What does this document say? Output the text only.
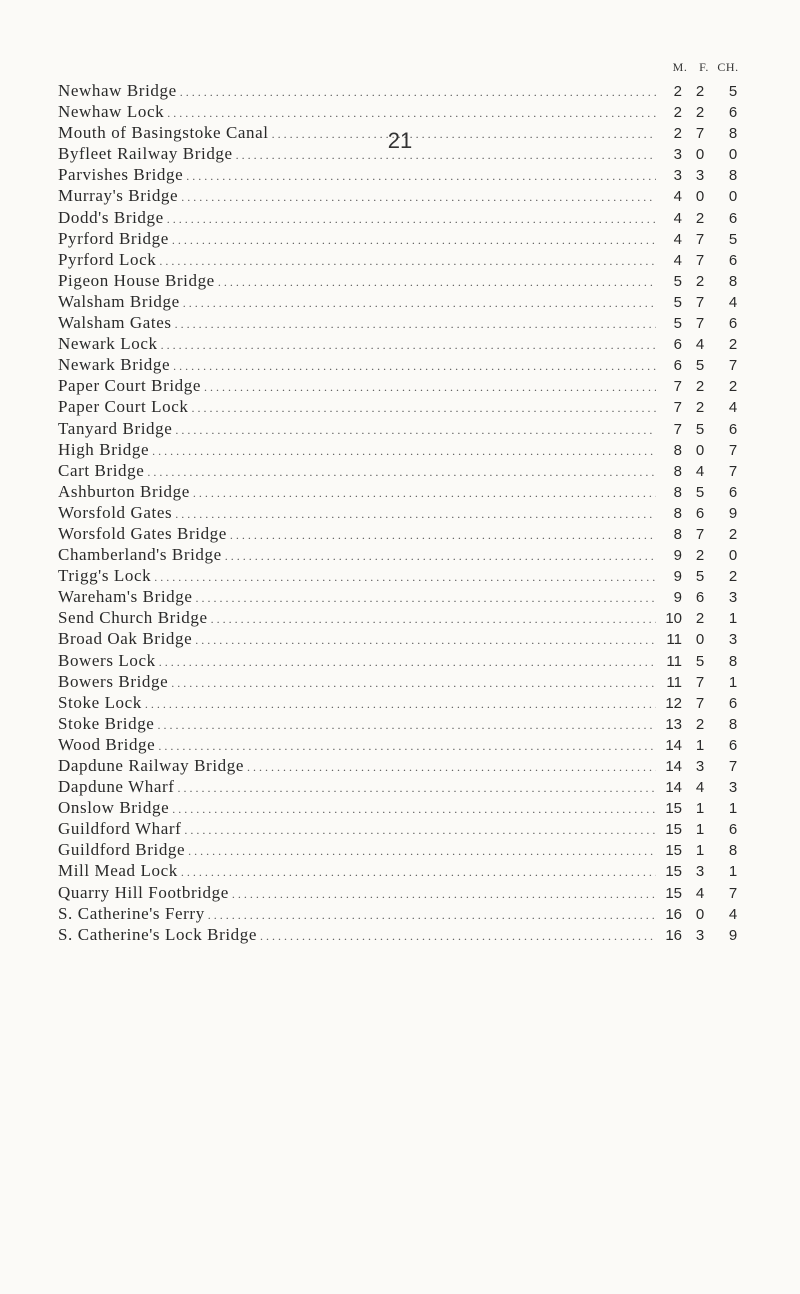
21
M. F. CH.
Newhaw Bridge . . .	2 2	5
Newhaw Lock . . .	2 2	6
Mouth of Basingstoke Canal . . .	2 7	8
Byfleet Railway Bridge . . .	3 0	0
Parvishes Bridge . . .	3 3	8
Murray's Bridge . . .	4 0	0
Dodd's Bridge . . .	4 2	6
Pyrford Bridge . . .	4 7	5
Pyrford Lock . . .	4 7	6
Pigeon House Bridge . . .	5 2	8
Walsham Bridge . . .	5 7	4
Walsham Gates . . .	5 7	6
Newark Lock . . .	6 4	2
Newark Bridge . . .	6 5	7
Paper Court Bridge . . .	7 2	2
Paper Court Lock . . .	7 2	4
Tanyard Bridge . . .	7 5	6
High Bridge . . .	8 0	7
Cart Bridge . . .	8 4	7
Ashburton Bridge . . .	8 5	6
Worsfold Gates . . .	8 6	9
Worsfold Gates Bridge . . .	8 7	2
Chamberland's Bridge . . .	9 2	0
Trigg's Lock . . .	9 5	2
Wareham's Bridge . . .	9 6	3
Send Church Bridge . . .	10 2	1
Broad Oak Bridge . . .	11 0	3
Bowers Lock . . .	11 5	8
Bowers Bridge . . .	11 7	1
Stoke Lock . . .	12 7	6
Stoke Bridge . . .	13 2	8
Wood Bridge . . .	14 1	6
Dapdune Railway Bridge . . .	14 3	7
Dapdune Wharf . . .	14 4	3
Onslow Bridge . . .	15 1	1
Guildford Wharf . . .	15 1	6
Guildford Bridge . . .	15 1	8
Mill Mead Lock . . .	15 3	1
Quarry Hill Footbridge . . .	15 4	7
S. Catherine's Ferry . . .	16 0	4
S. Catherine's Lock Bridge . . .	16 3	9
